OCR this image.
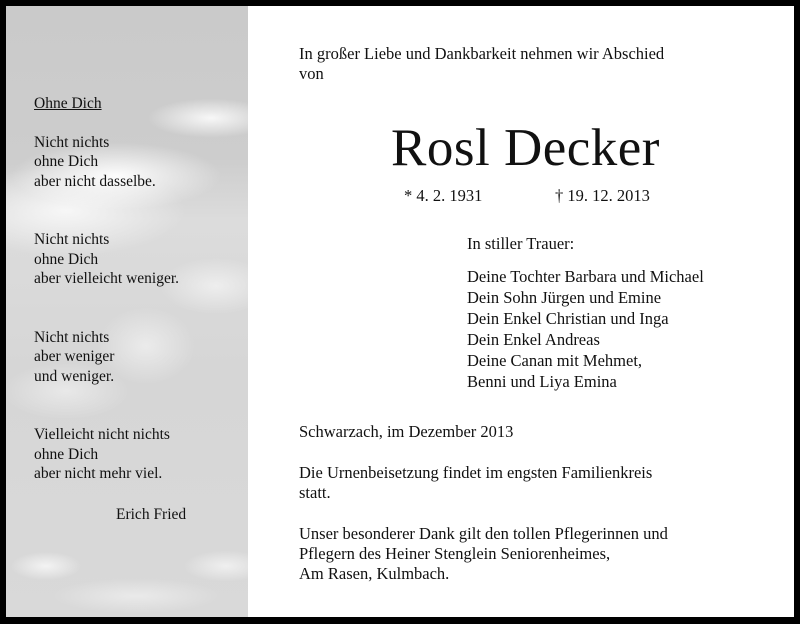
Ohne Dich
Nicht nichts
ohne Dich
aber nicht dasselbe.
Nicht nichts
ohne Dich
aber vielleicht weniger.
Nicht nichts
aber weniger
und weniger.
Vielleicht nicht nichts
ohne Dich
aber nicht mehr viel.
Erich Fried
In großer Liebe und Dankbarkeit nehmen wir Abschied
von
Rosl Decker
* 4. 2. 1931	† 19. 12. 2013
In stiller Trauer:
Deine Tochter Barbara und Michael
Dein Sohn Jürgen und Emine
Dein Enkel Christian und Inga
Dein Enkel Andreas
Deine Canan mit Mehmet,
Benni und Liya Emina
Schwarzach, im Dezember 2013
Die Urnenbeisetzung findet im engsten Familienkreis
statt.
Unser besonderer Dank gilt den tollen Pflegerinnen und
Pflegern des Heiner Stenglein Seniorenheimes,
Am Rasen, Kulmbach.
